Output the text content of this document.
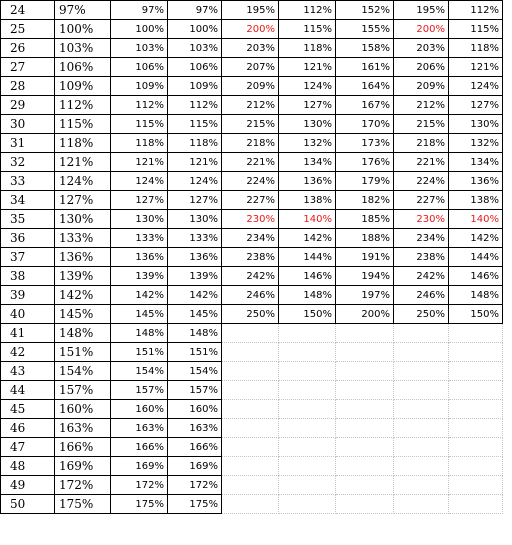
24	97%	97%	97%	195%	112%	152%	195%	112%
25	100%	100%	100%	200%	115%	155%	200%	115%
26	103%	103%	103%	203%	118%	158%	203%	118%
27	106%	106%	106%	207%	121%	161%	206%	121%
28	109%	109%	109%	209%	124%	164%	209%	124%
29	112%	112%	112%	212%	127%	167%	212%	127%
30	115%	115%	115%	215%	130%	170%	215%	130%
31	118%	118%	118%	218%	132%	173%	218%	132%
32	121%	121%	121%	221%	134%	176%	221%	134%
33	124%	124%	124%	224%	136%	179%	224%	136%
34	127%	127%	127%	227%	138%	182%	227%	138%
35	130%	130%	130%	230%	140%	185%	230%	140%
36	133%	133%	133%	234%	142%	188%	234%	142%
37	136%	136%	136%	238%	144%	191%	238%	144%
38	139%	139%	139%	242%	146%	194%	242%	146%
39	142%	142%	142%	246%	148%	197%	246%	148%
40	145%	145%	145%	250%	150%	200%	250%	150%
41	148%	148%	148%					
42	151%	151%	151%					
43	154%	154%	154%					
44	157%	157%	157%					
45	160%	160%	160%					
46	163%	163%	163%					
47	166%	166%	166%					
48	169%	169%	169%					
49	172%	172%	172%					
50	175%	175%	175%					
